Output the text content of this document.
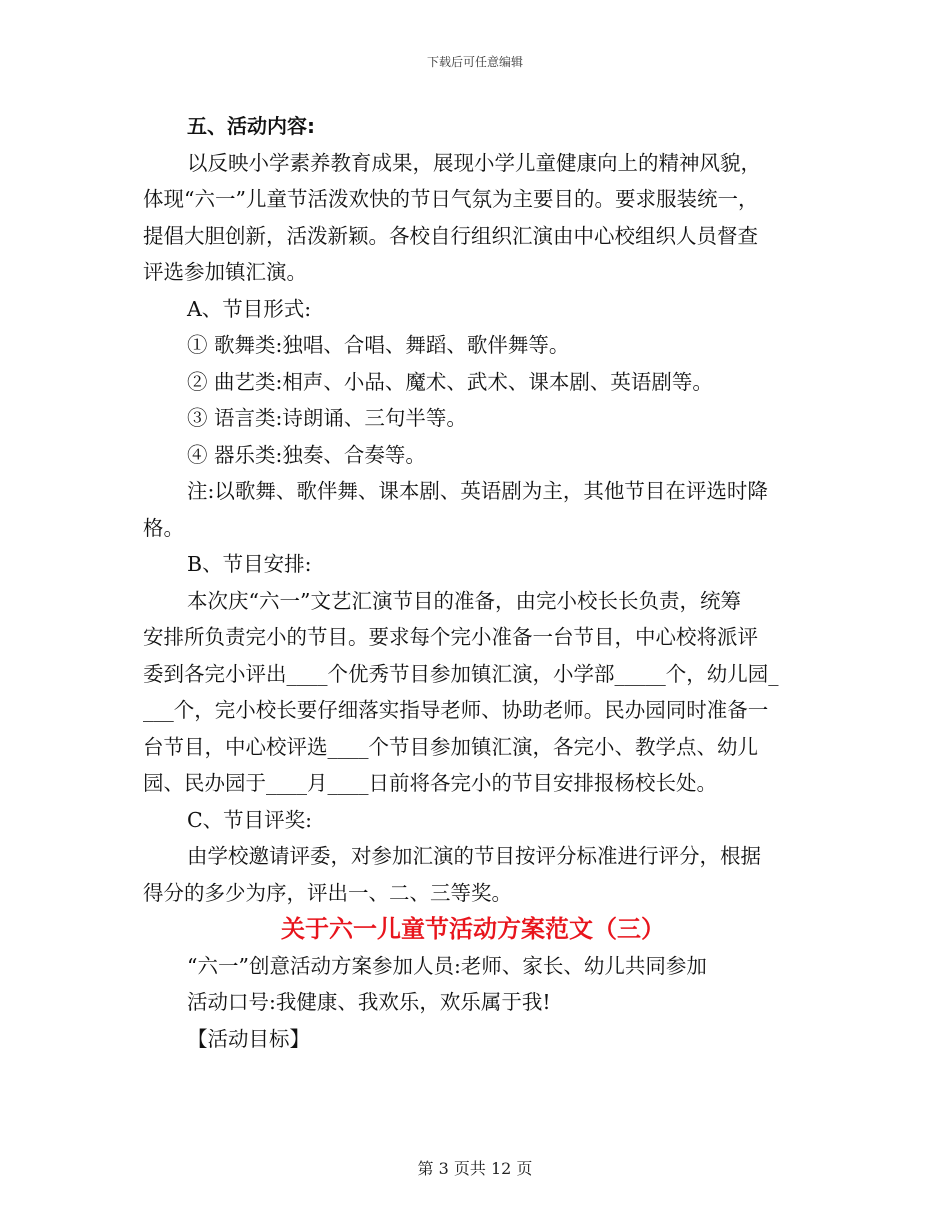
下载后可任意编辑
五、活动内容:
以反映小学素养教育成果，展现小学儿童健康向上的精神风貌，
体现“六一”儿童节活泼欢快的节日气氛为主要目的。要求服装统一，
提倡大胆创新，活泼新颖。各校自行组织汇演由中心校组织人员督查
评选参加镇汇演。
A、节目形式:
① 歌舞类:独唱、合唱、舞蹈、歌伴舞等。
② 曲艺类:相声、小品、魔术、武术、课本剧、英语剧等。
③ 语言类:诗朗诵、三句半等。
④ 器乐类:独奏、合奏等。
注:以歌舞、歌伴舞、课本剧、英语剧为主，其他节目在评选时降
格。
B、节目安排:
本次庆“六一”文艺汇演节目的准备，由完小校长长负责，统筹
安排所负责完小的节目。要求每个完小准备一台节目，中心校将派评
委到各完小评出____个优秀节目参加镇汇演，小学部_____个，幼儿园_
___个，完小校长要仔细落实指导老师、协助老师。民办园同时准备一
台节目，中心校评选____个节目参加镇汇演，各完小、教学点、幼儿
园、民办园于____月____日前将各完小的节目安排报杨校长处。
C、节目评奖:
由学校邀请评委，对参加汇演的节目按评分标准进行评分，根据
得分的多少为序，评出一、二、三等奖。
关于六一儿童节活动方案范文（三）
“六一”创意活动方案参加人员:老师、家长、幼儿共同参加
活动口号:我健康、我欢乐，欢乐属于我!
【活动目标】
第 3 页共 12 页
